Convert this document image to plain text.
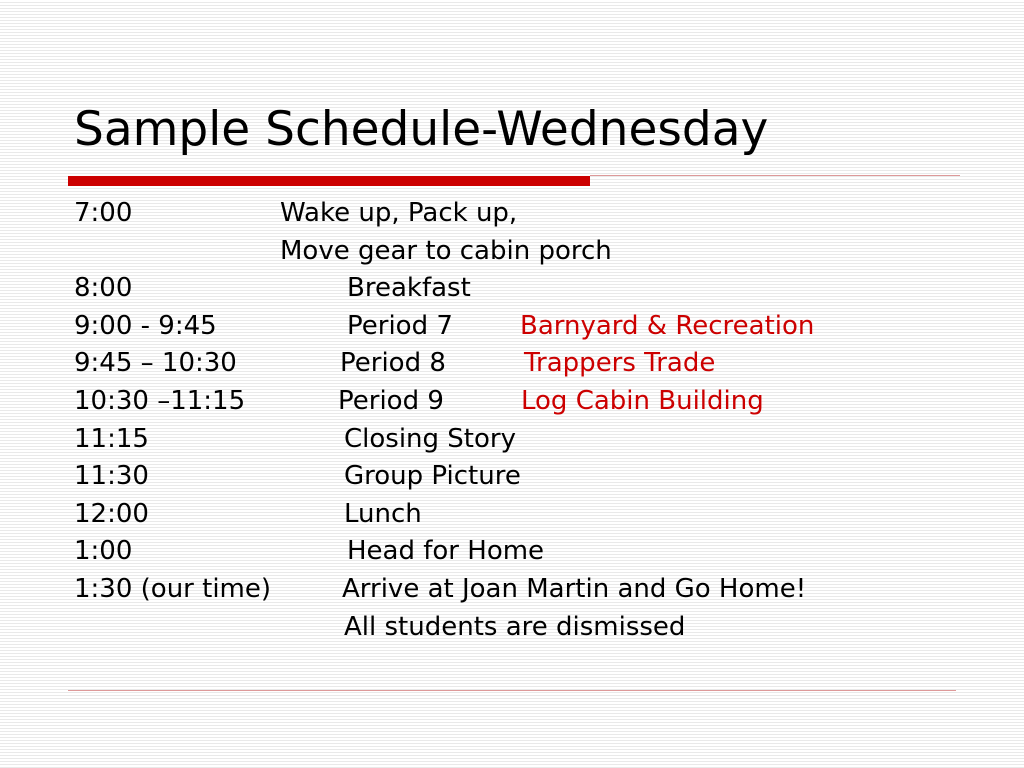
Sample Schedule-Wednesday
7:00	Wake up, Pack up,
Move gear to cabin porch
8:00	Breakfast
9:00 - 9:45	Period 7	Barnyard & Recreation
9:45 – 10:30	Period 8	Trappers Trade
10:30 –11:15	Period 9	Log Cabin Building
11:15	Closing Story
11:30	Group Picture
12:00	Lunch
1:00	Head for Home
1:30 (our time)	Arrive at Joan Martin and Go Home!
All students are dismissed
